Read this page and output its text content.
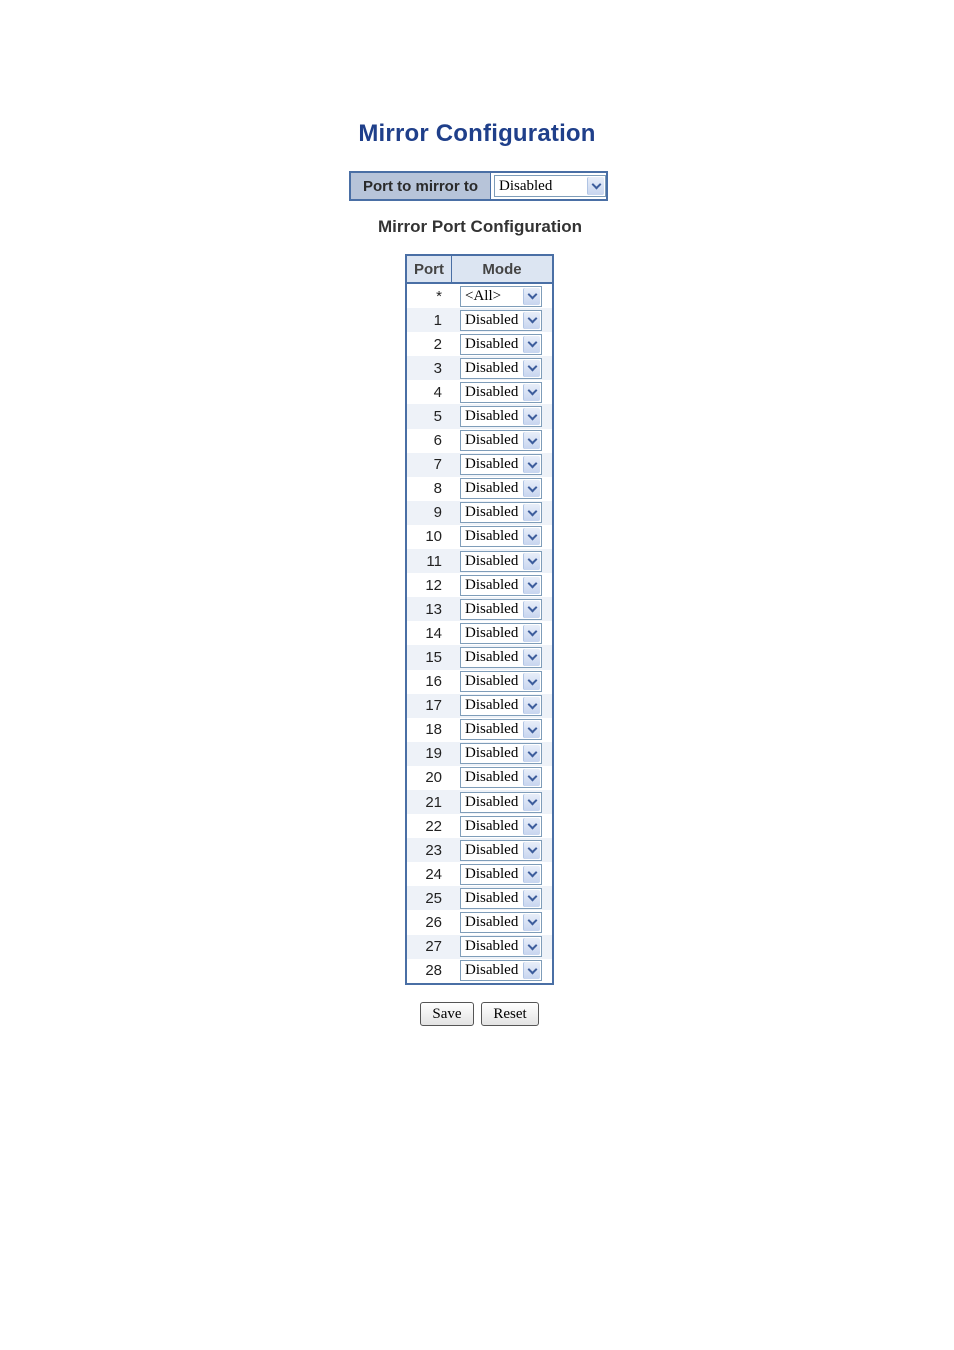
Mirror Configuration
Port to mirror to	Disabled
Mirror Port Configuration
Port	Mode
*	<All>
1	Disabled
2	Disabled
3	Disabled
4	Disabled
5	Disabled
6	Disabled
7	Disabled
8	Disabled
9	Disabled
10	Disabled
11	Disabled
12	Disabled
13	Disabled
14	Disabled
15	Disabled
16	Disabled
17	Disabled
18	Disabled
19	Disabled
20	Disabled
21	Disabled
22	Disabled
23	Disabled
24	Disabled
25	Disabled
26	Disabled
27	Disabled
28	Disabled
Save	Reset
